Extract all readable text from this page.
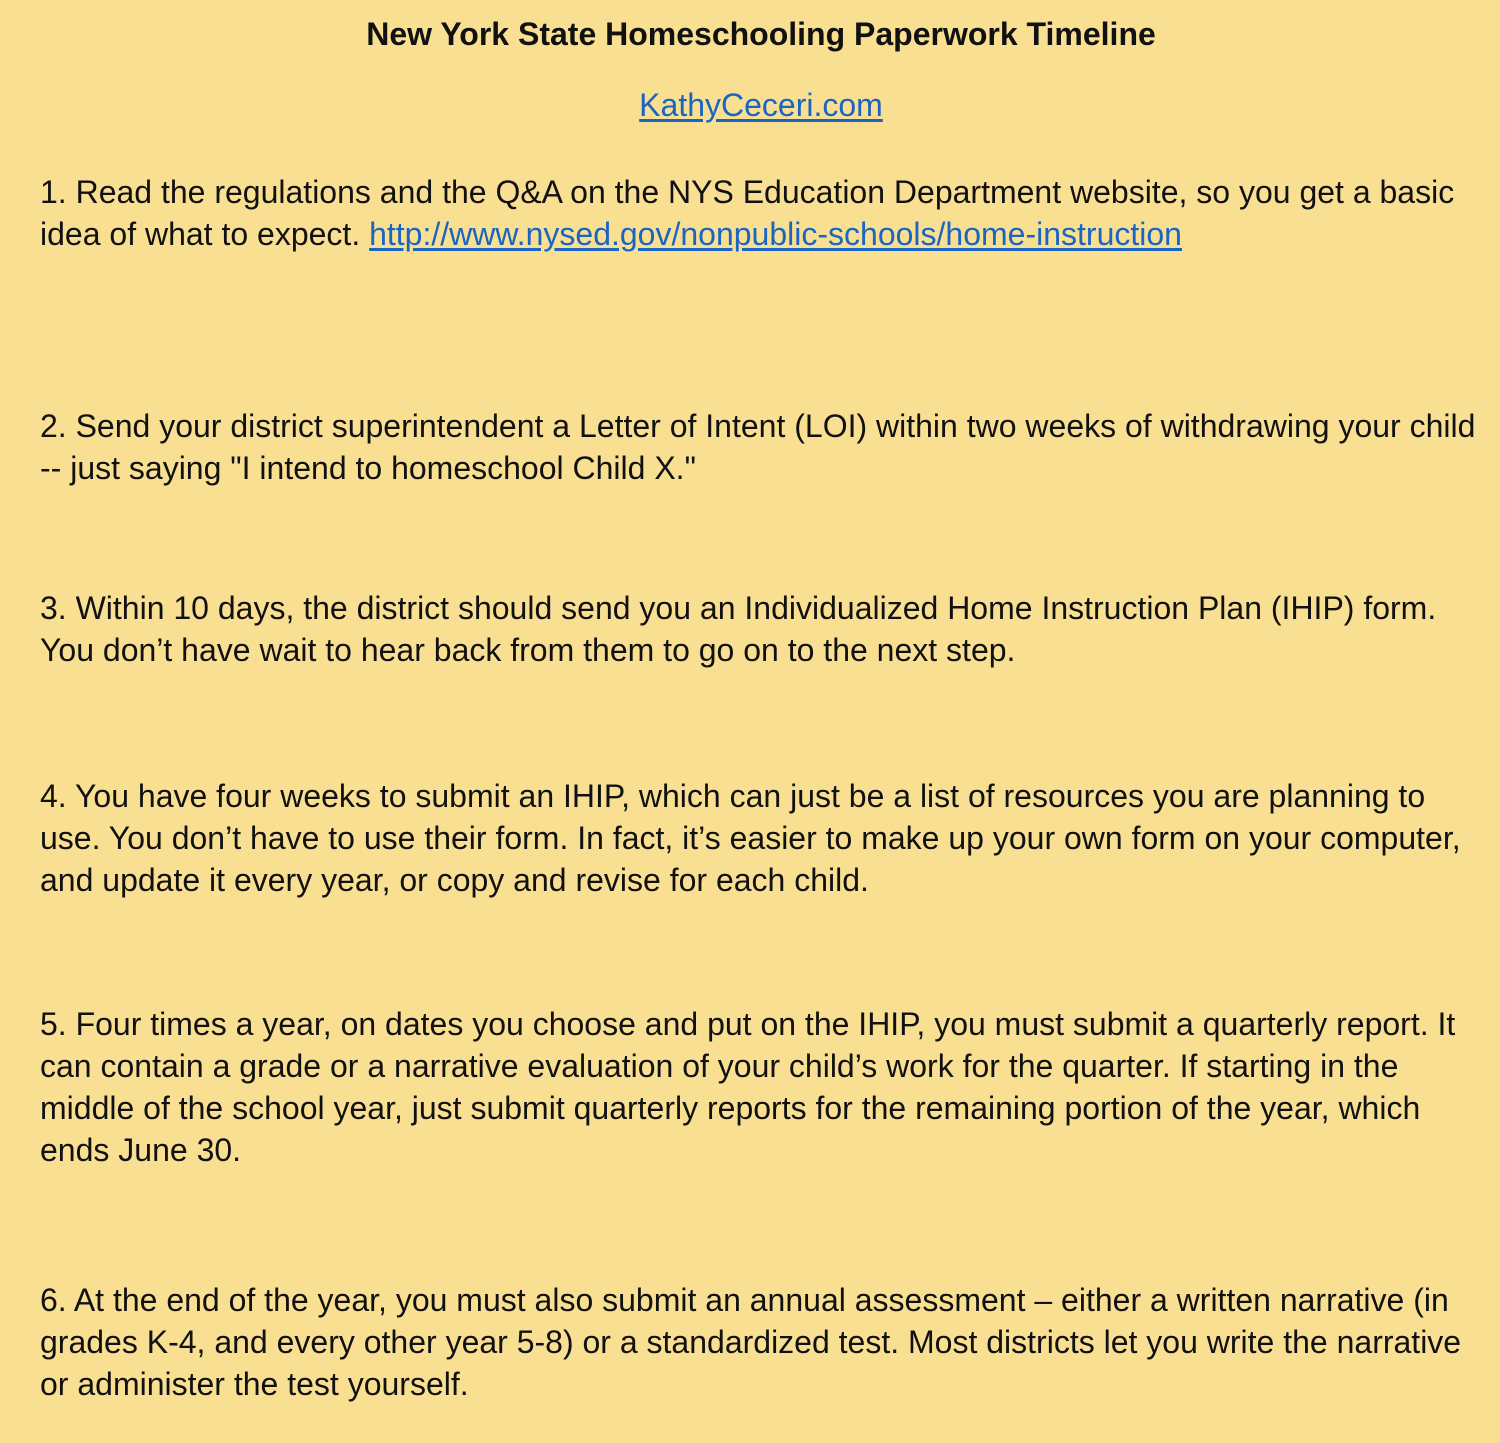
New York State Homeschooling Paperwork Timeline
KathyCeceri.com

1. Read the regulations and the Q&A on the NYS Education Department website, so you get a basic idea of what to expect. http://www.nysed.gov/nonpublic-schools/home-instruction

2. Send your district superintendent a Letter of Intent (LOI) within two weeks of withdrawing your child -- just saying "I intend to homeschool Child X."

3. Within 10 days, the district should send you an Individualized Home Instruction Plan (IHIP) form. You don’t have wait to hear back from them to go on to the next step.

4. You have four weeks to submit an IHIP, which can just be a list of resources you are planning to use. You don’t have to use their form. In fact, it’s easier to make up your own form on your computer, and update it every year, or copy and revise for each child.

5. Four times a year, on dates you choose and put on the IHIP, you must submit a quarterly report. It can contain a grade or a narrative evaluation of your child’s work for the quarter. If starting in the middle of the school year, just submit quarterly reports for the remaining portion of the year, which ends June 30.

6. At the end of the year, you must also submit an annual assessment – either a written narrative (in grades K-4, and every other year 5-8) or a standardized test. Most districts let you write the narrative or administer the test yourself.
